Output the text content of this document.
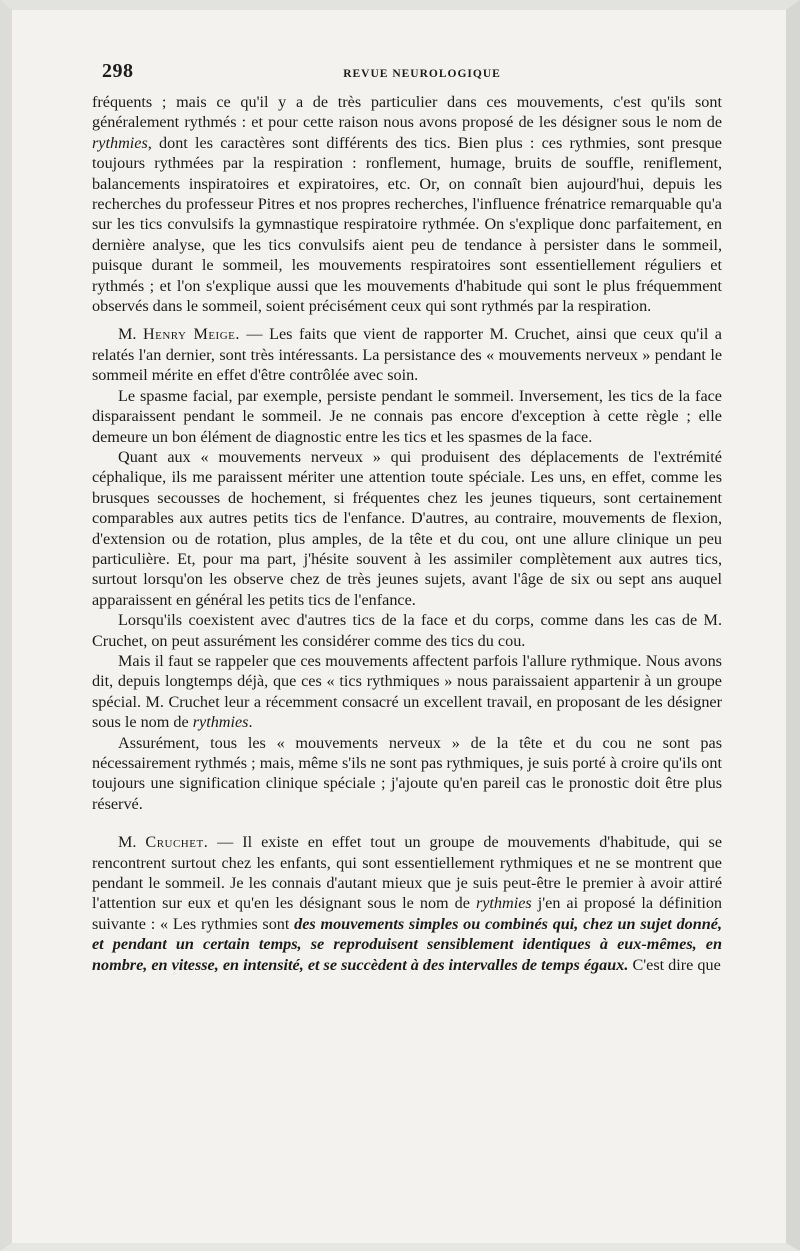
298	REVUE NEUROLOGIQUE

fréquents ; mais ce qu'il y a de très particulier dans ces mouvements, c'est qu'ils sont généralement rythmés : et pour cette raison nous avons proposé de les désigner sous le nom de rythmies, dont les caractères sont différents des tics. Bien plus : ces rythmies, sont presque toujours rythmées par la respiration : ronflement, humage, bruits de souffle, reniflement, balancements inspiratoires et expiratoires, etc. Or, on connaît bien aujourd'hui, depuis les recherches du professeur Pitres et nos propres recherches, l'influence frénatrice remarquable qu'a sur les tics convulsifs la gymnastique respiratoire rythmée. On s'explique donc parfaitement, en dernière analyse, que les tics convulsifs aient peu de tendance à persister dans le sommeil, puisque durant le sommeil, les mouvements respiratoires sont essentiellement réguliers et rythmés ; et l'on s'explique aussi que les mouvements d'habitude qui sont le plus fréquemment observés dans le sommeil, soient précisément ceux qui sont rythmés par la respiration.

M. Henry Meige. — Les faits que vient de rapporter M. Cruchet, ainsi que ceux qu'il a relatés l'an dernier, sont très intéressants. La persistance des « mouvements nerveux » pendant le sommeil mérite en effet d'être contrôlée avec soin.

Le spasme facial, par exemple, persiste pendant le sommeil. Inversement, les tics de la face disparaissent pendant le sommeil. Je ne connais pas encore d'exception à cette règle ; elle demeure un bon élément de diagnostic entre les tics et les spasmes de la face.

Quant aux « mouvements nerveux » qui produisent des déplacements de l'extrémité céphalique, ils me paraissent mériter une attention toute spéciale. Les uns, en effet, comme les brusques secousses de hochement, si fréquentes chez les jeunes tiqueurs, sont certainement comparables aux autres petits tics de l'enfance. D'autres, au contraire, mouvements de flexion, d'extension ou de rotation, plus amples, de la tête et du cou, ont une allure clinique un peu particulière. Et, pour ma part, j'hésite souvent à les assimiler complètement aux autres tics, surtout lorsqu'on les observe chez de très jeunes sujets, avant l'âge de six ou sept ans auquel apparaissent en général les petits tics de l'enfance.

Lorsqu'ils coexistent avec d'autres tics de la face et du corps, comme dans les cas de M. Cruchet, on peut assurément les considérer comme des tics du cou.

Mais il faut se rappeler que ces mouvements affectent parfois l'allure rythmique. Nous avons dit, depuis longtemps déjà, que ces « tics rythmiques » nous paraissaient appartenir à un groupe spécial. M. Cruchet leur a récemment consacré un excellent travail, en proposant de les désigner sous le nom de rythmies.

Assurément, tous les « mouvements nerveux » de la tête et du cou ne sont pas nécessairement rythmés ; mais, même s'ils ne sont pas rythmiques, je suis porté à croire qu'ils ont toujours une signification clinique spéciale ; j'ajoute qu'en pareil cas le pronostic doit être plus réservé.

M. Cruchet. — Il existe en effet tout un groupe de mouvements d'habitude, qui se rencontrent surtout chez les enfants, qui sont essentiellement rythmiques et ne se montrent que pendant le sommeil. Je les connais d'autant mieux que je suis peut-être le premier à avoir attiré l'attention sur eux et qu'en les désignant sous le nom de rythmies j'en ai proposé la définition suivante : « Les rythmies sont des mouvements simples ou combinés qui, chez un sujet donné, et pendant un certain temps, se reproduisent sensiblement identiques à eux-mêmes, en nombre, en vitesse, en intensité, et se succèdent à des intervalles de temps égaux. C'est dire que
